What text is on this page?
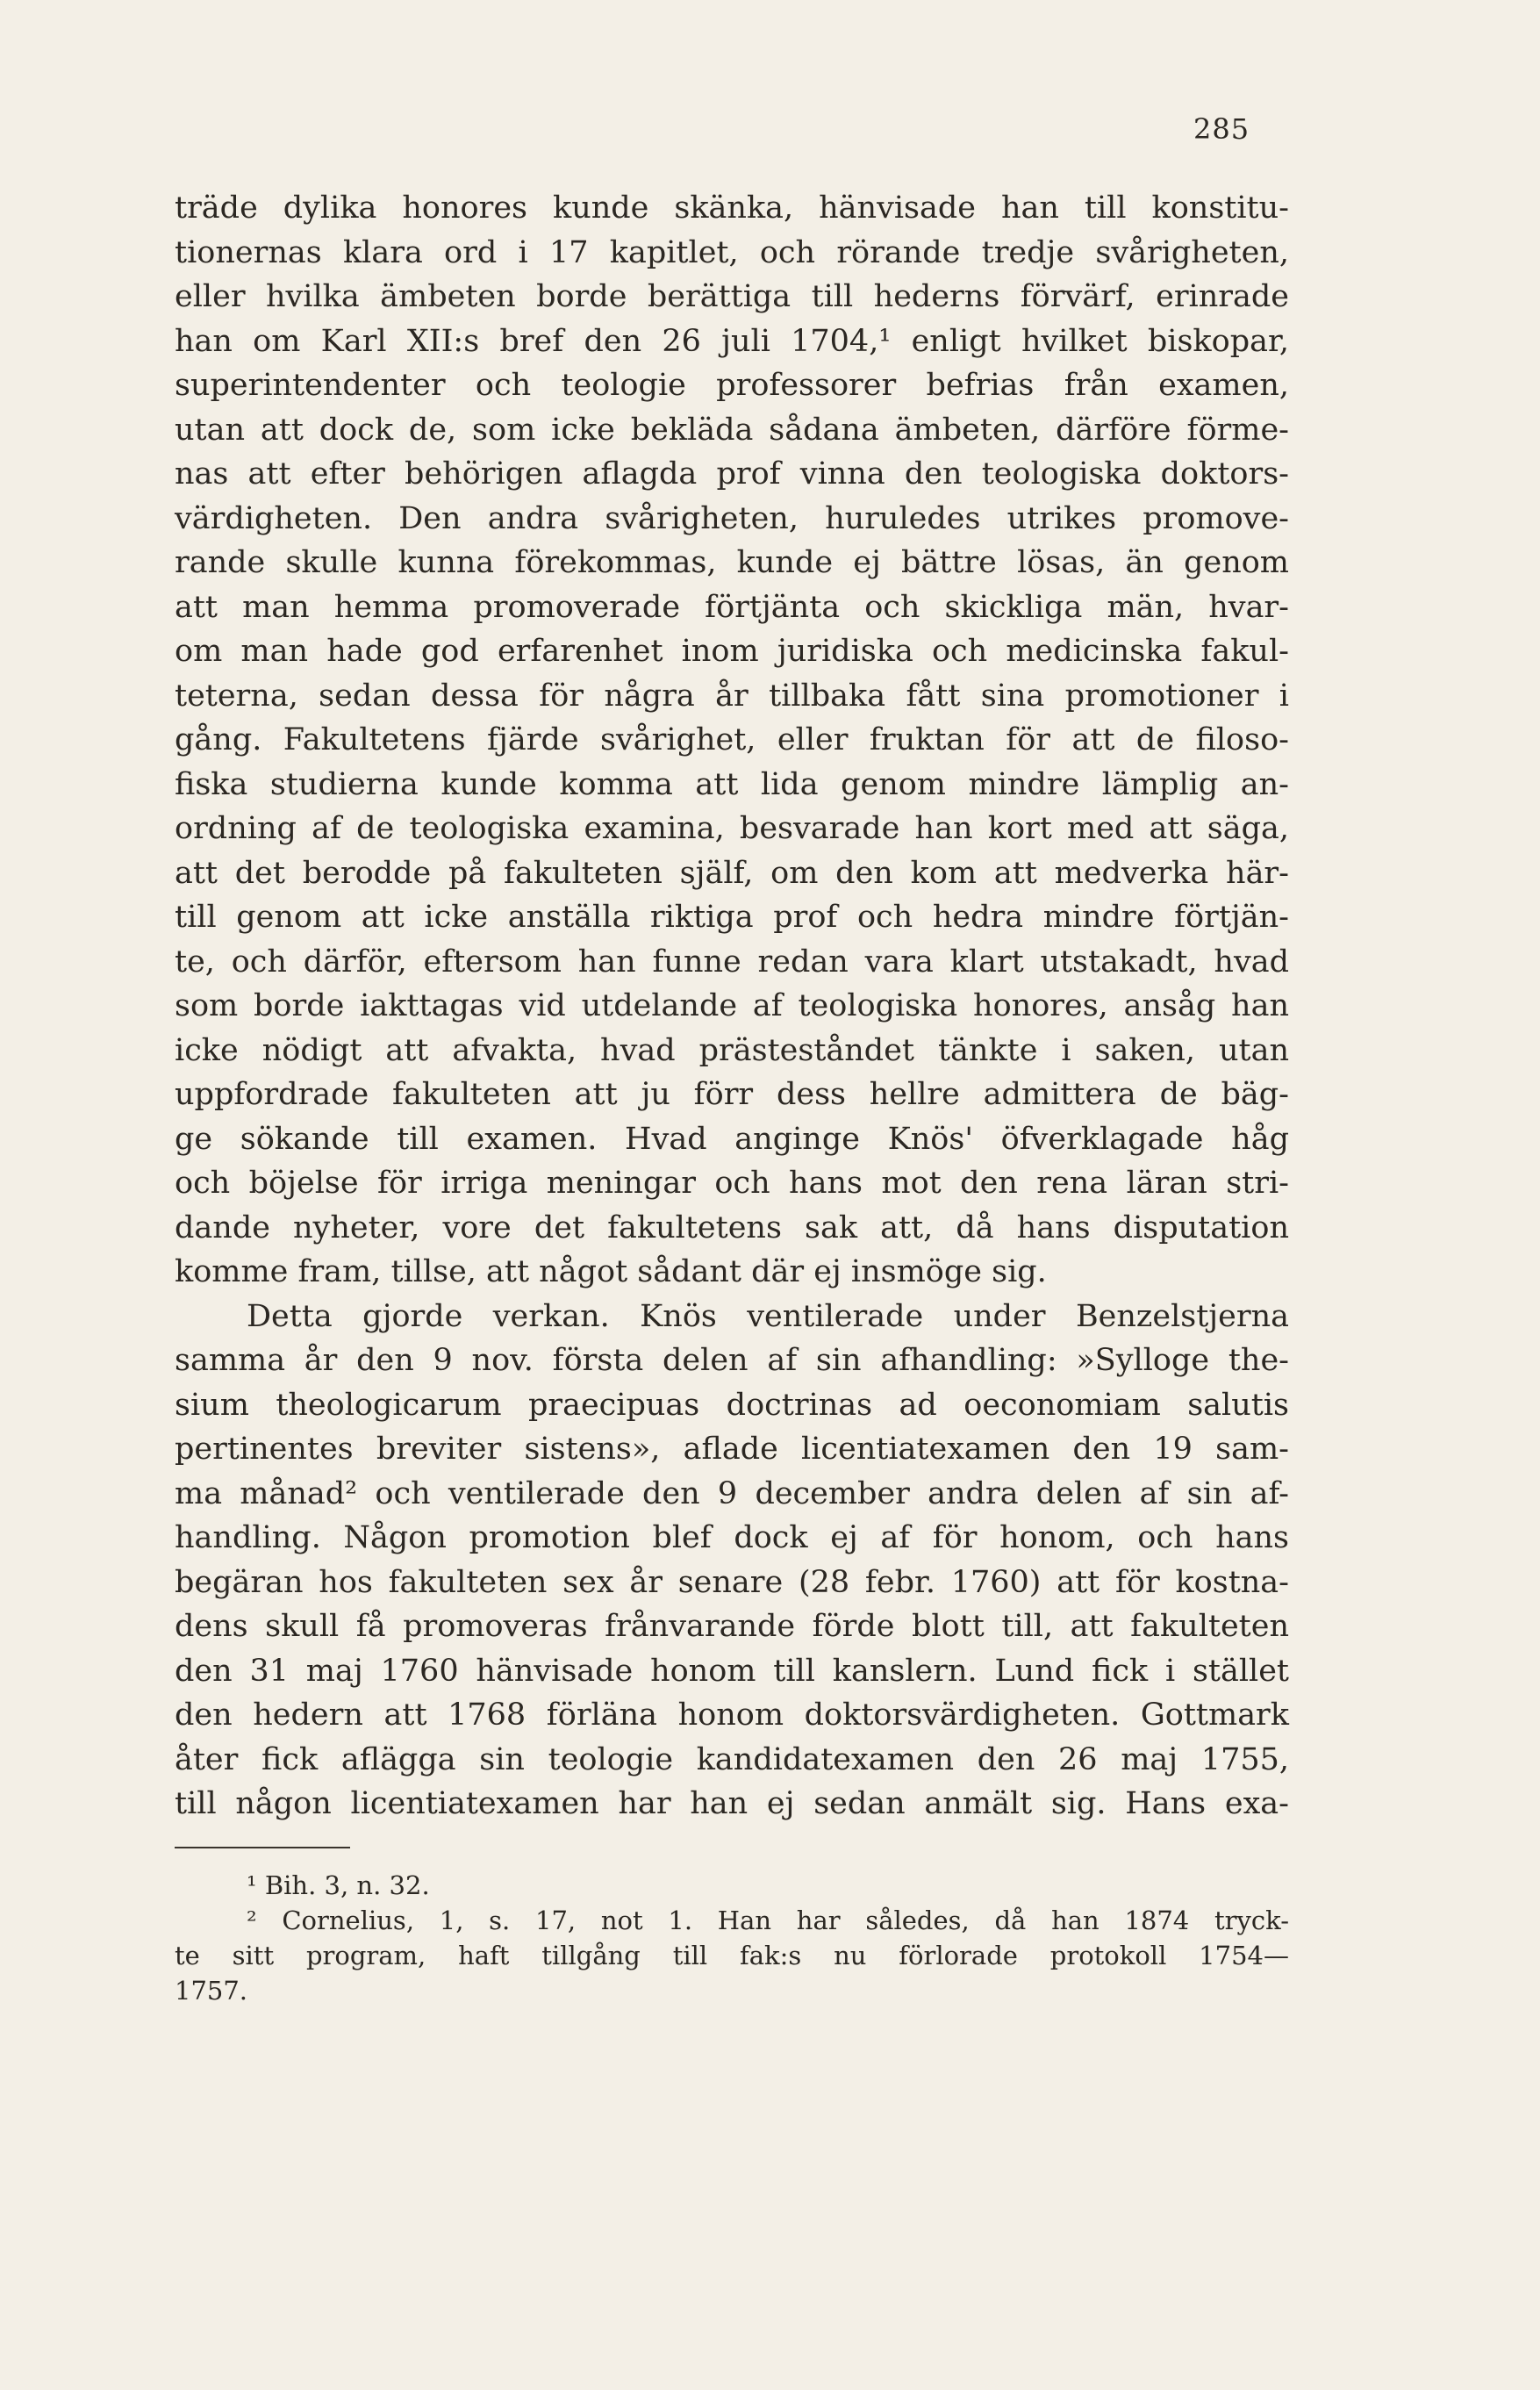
285
träde dylika honores kunde skänka, hänvisade han till konstitu-
tionernas klara ord i 17 kapitlet, och rörande tredje svårigheten,
eller hvilka ämbeten borde berättiga till hederns förvärf, erinrade
han om Karl XII:s bref den 26 juli 1704,¹ enligt hvilket biskopar,
superintendenter och teologie professorer befrias från examen,
utan att dock de, som icke bekläda sådana ämbeten, därföre förme-
nas att efter behörigen aflagda prof vinna den teologiska doktors-
värdigheten. Den andra svårigheten, huruledes utrikes promove-
rande skulle kunna förekommas, kunde ej bättre lösas, än genom
att man hemma promoverade förtjänta och skickliga män, hvar-
om man hade god erfarenhet inom juridiska och medicinska fakul-
teterna, sedan dessa för några år tillbaka fått sina promotioner i
gång. Fakultetens fjärde svårighet, eller fruktan för att de filoso-
fiska studierna kunde komma att lida genom mindre lämplig an-
ordning af de teologiska examina, besvarade han kort med att säga,
att det berodde på fakulteten själf, om den kom att medverka här-
till genom att icke anställa riktiga prof och hedra mindre förtjän-
te, och därför, eftersom han funne redan vara klart utstakadt, hvad
som borde iakttagas vid utdelande af teologiska honores, ansåg han
icke nödigt att afvakta, hvad prästeståndet tänkte i saken, utan
uppfordrade fakulteten att ju förr dess hellre admittera de bäg-
ge sökande till examen. Hvad anginge Knös' öfverklagade håg
och böjelse för irriga meningar och hans mot den rena läran stri-
dande nyheter, vore det fakultetens sak att, då hans disputation
komme fram, tillse, att något sådant där ej insmöge sig.
Detta gjorde verkan. Knös ventilerade under Benzelstjerna
samma år den 9 nov. första delen af sin afhandling: »Sylloge the-
sium theologicarum praecipuas doctrinas ad oeconomiam salutis
pertinentes breviter sistens», aflade licentiatexamen den 19 sam-
ma månad² och ventilerade den 9 december andra delen af sin af-
handling. Någon promotion blef dock ej af för honom, och hans
begäran hos fakulteten sex år senare (28 febr. 1760) att för kostna-
dens skull få promoveras frånvarande förde blott till, att fakulteten
den 31 maj 1760 hänvisade honom till kanslern. Lund fick i stället
den hedern att 1768 förläna honom doktorsvärdigheten. Gottmark
åter fick aflägga sin teologie kandidatexamen den 26 maj 1755,
till någon licentiatexamen har han ej sedan anmält sig. Hans exa-
¹ Bih. 3, n. 32.
² Cornelius, 1, s. 17, not 1. Han har således, då han 1874 tryck-
te sitt program, haft tillgång till fak:s nu förlorade protokoll 1754—
1757.
